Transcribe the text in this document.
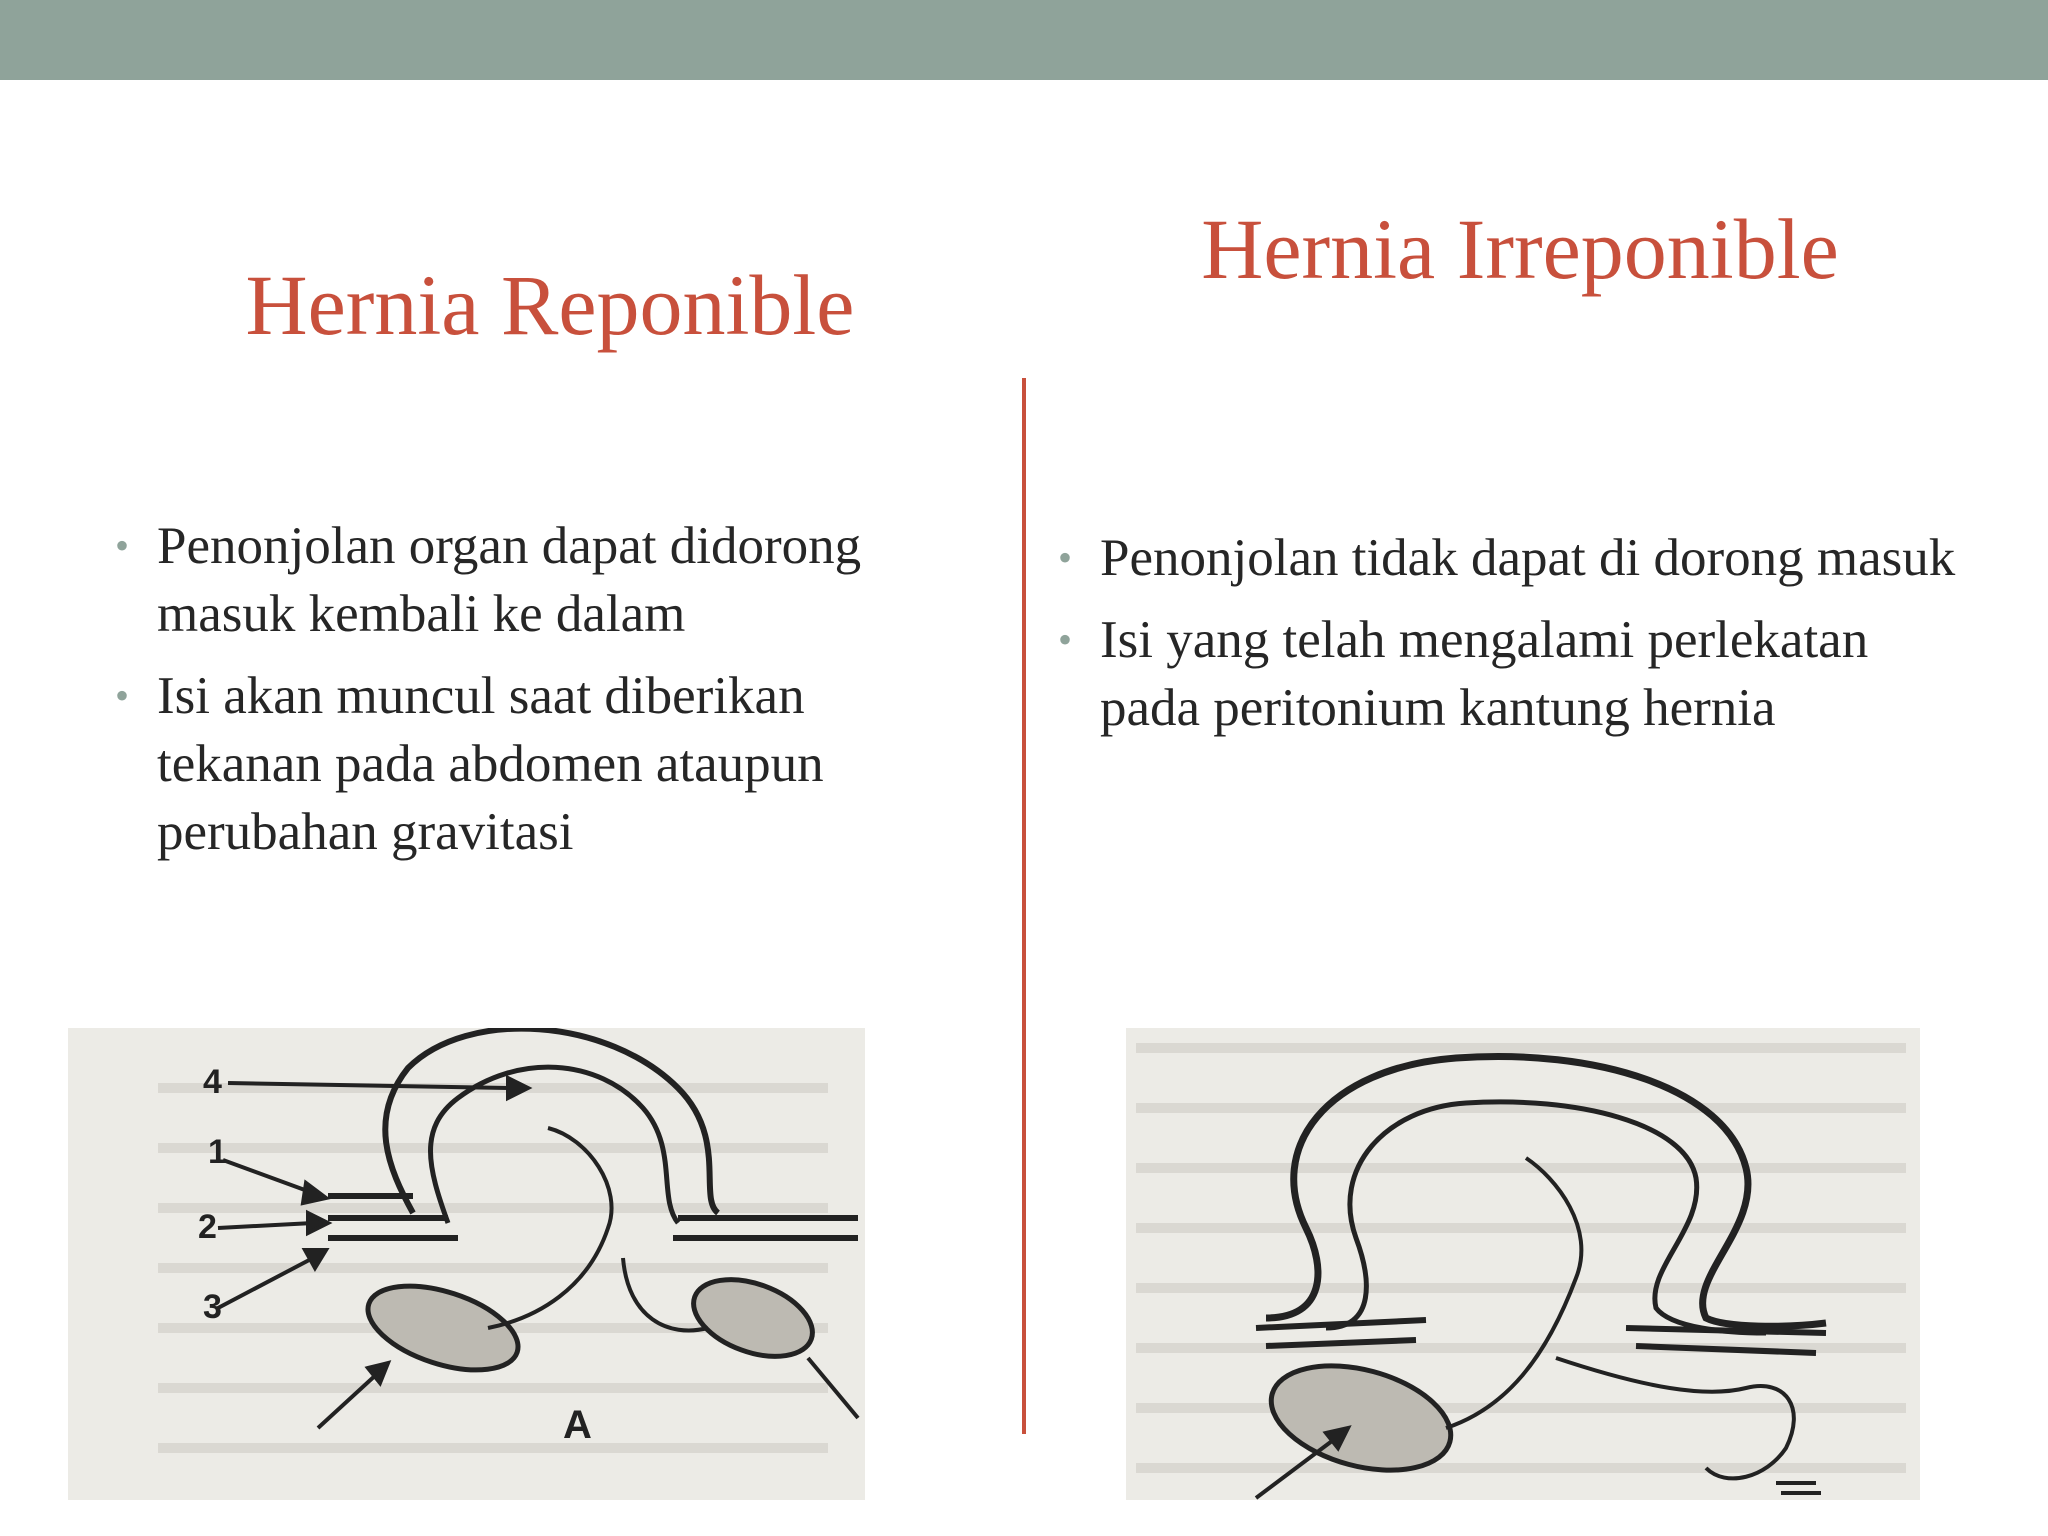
Hernia Reponible
Hernia Irreponible
• Penonjolan organ dapat didorong masuk kembali ke dalam
• Isi akan muncul saat diberikan tekanan pada abdomen ataupun perubahan gravitasi
• Penonjolan tidak dapat di dorong masuk
• Isi yang telah mengalami perlekatan pada peritonium kantung hernia
4
1
2
3
A
